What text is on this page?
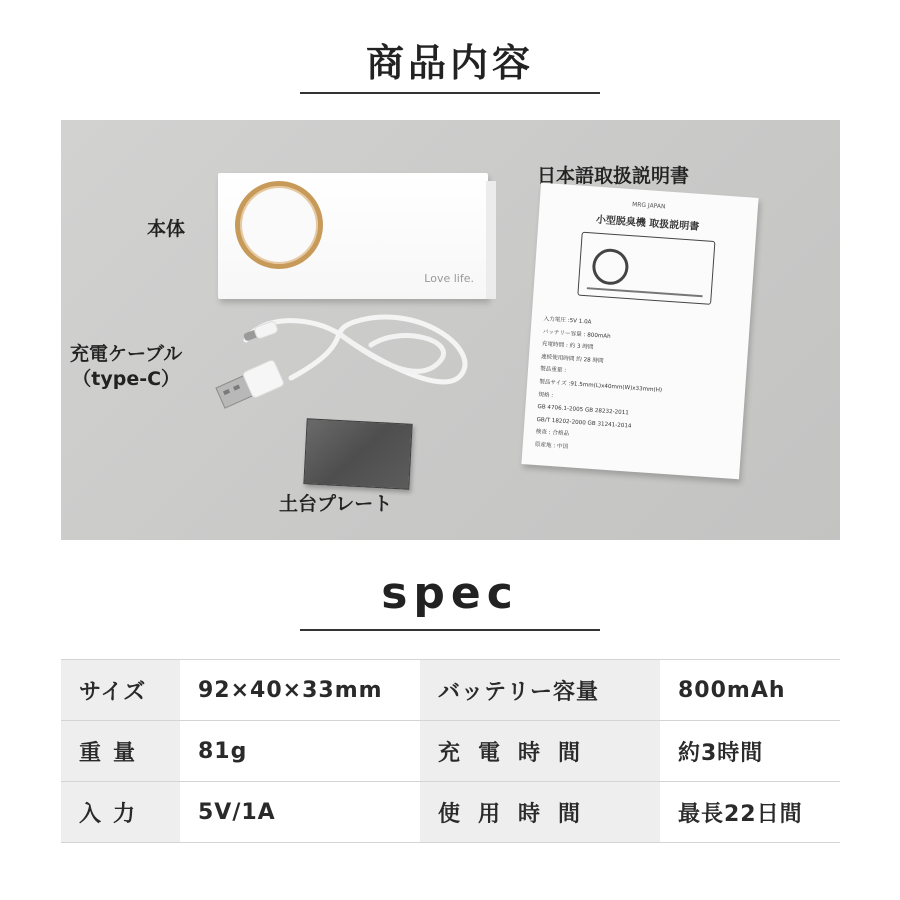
商品内容
本体
Love life.
充電ケーブル
（type-C）
土台プレート
日本語取扱説明書
MRG JAPAN
小型脱臭機 取扱説明書
入力電圧 :5V 1.0A
バッテリー容量 : 800mAh
充電時間 : 約 3 時間
連続使用時間 約 28 時間
製品重量 :
製品サイズ :91.5mm(L)x40mm(W)x33mm(H)
規格 :
GB 4706.1-2005 GB 28232-2011
GB/T 18202-2000 GB 31241-2014
検査 : 合格品
原産地 : 中国
spec
サイズ	92×40×33mm	バッテリー容量	800mAh
重量	81g	充電時間	約3時間
入力	5V/1A	使用時間	最長22日間
